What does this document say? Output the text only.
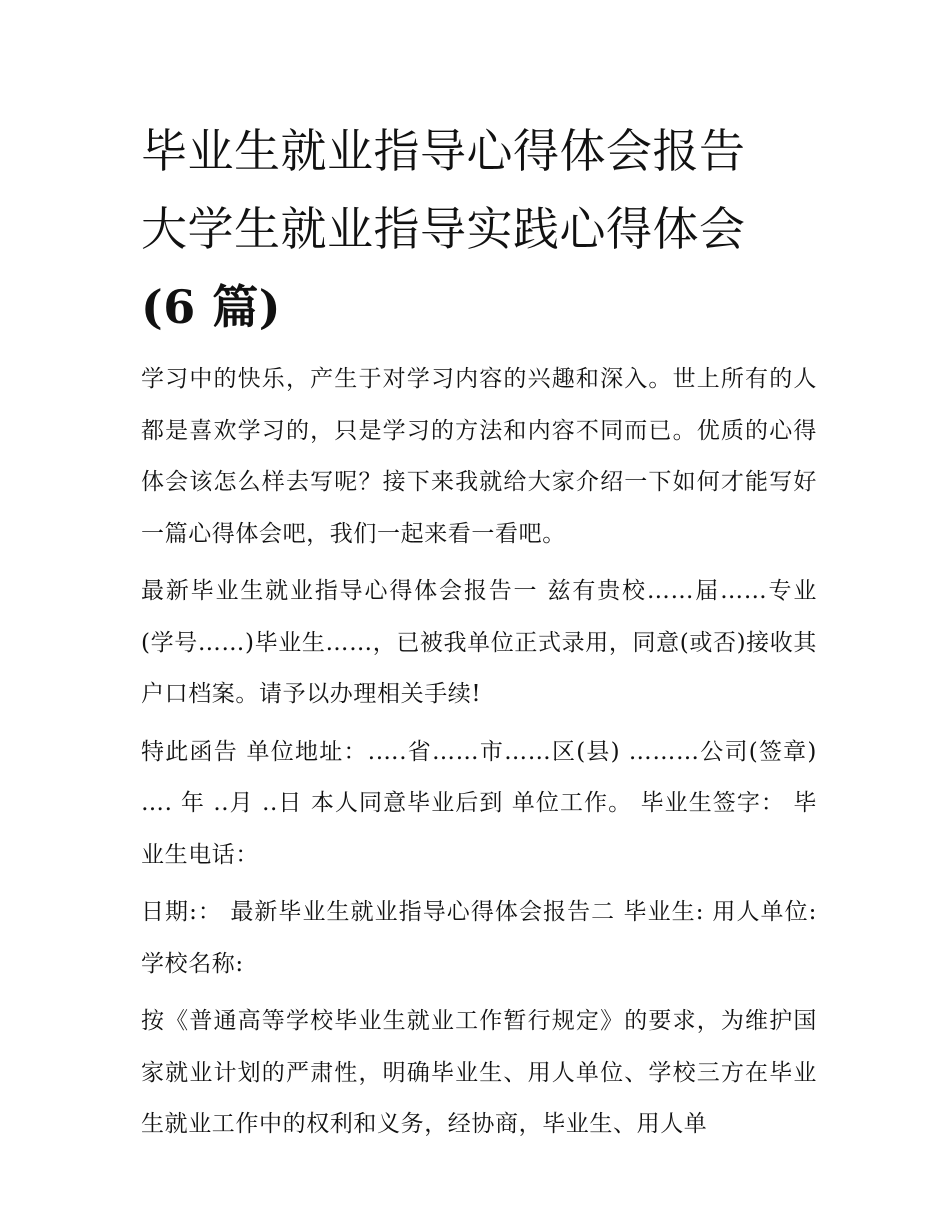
毕业生就业指导心得体会报告
大学生就业指导实践心得体会
(6 篇)

学习中的快乐，产生于对学习内容的兴趣和深入。世上所有的人都是喜欢学习的，只是学习的方法和内容不同而已。优质的心得体会该怎么样去写呢？接下来我就给大家介绍一下如何才能写好一篇心得体会吧，我们一起来看一看吧。

最新毕业生就业指导心得体会报告一 兹有贵校……届……专业(学号……)毕业生……，已被我单位正式录用，同意(或否)接收其户口档案。请予以办理相关手续!

特此函告 单位地址：.….省……市……区(县) ………公司(签章) …. 年 ..月 ..日 本人同意毕业后到 单位工作。 毕业生签字： 毕业生电话：

日期:： 最新毕业生就业指导心得体会报告二 毕业生: 用人单位: 学校名称:

按《普通高等学校毕业生就业工作暂行规定》的要求，为维护国家就业计划的严肃性，明确毕业生、用人单位、学校三方在毕业生就业工作中的权利和义务，经协商，毕业生、用人单
